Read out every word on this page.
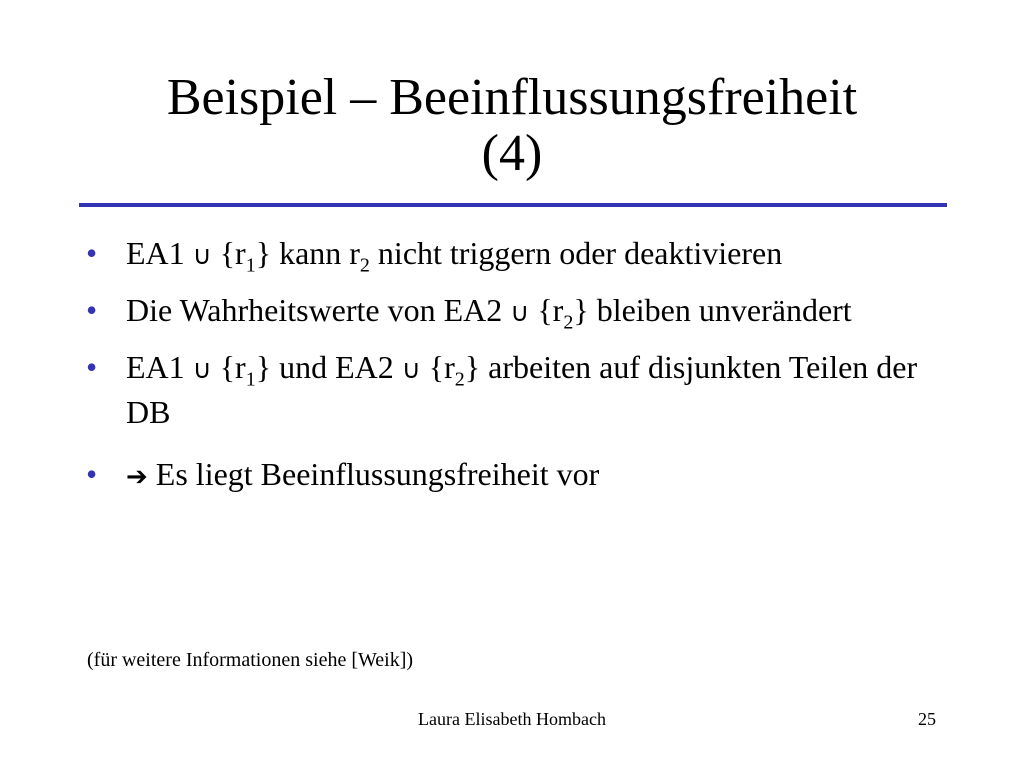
Beispiel – Beeinflussungsfreiheit
(4)
• EA1 ∪ $\{r_1\}$ kann $r_2$ nicht triggern oder deaktivieren
• Die Wahrheitswerte von EA2 ∪ $\{r_2\}$ bleiben unverändert
• EA1 ∪ $\{r_1\}$ und EA2 ∪ $\{r_2\}$ arbeiten auf disjunkten Teilen der DB
•	➔ Es liegt Beeinflussungsfreiheit vor
(für weitere Informationen siehe [Weik])
Laura Elisabeth Hombach	25
